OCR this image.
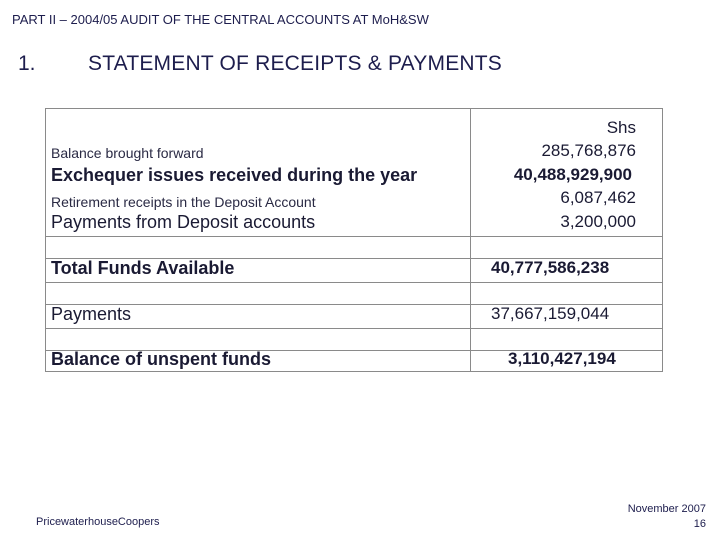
PART II – 2004/05 AUDIT OF THE CENTRAL ACCOUNTS AT MoH&SW
1. STATEMENT OF RECEIPTS & PAYMENTS
Shs
Balance brought forward	285,768,876
Exchequer issues received during the year	40,488,929,900
Retirement receipts in the Deposit Account	6,087,462
Payments from Deposit accounts	3,200,000
Total Funds Available	40,777,586,238
Payments	37,667,159,044
Balance of unspent funds	3,110,427,194
PricewaterhouseCoopers
November 2007
16
